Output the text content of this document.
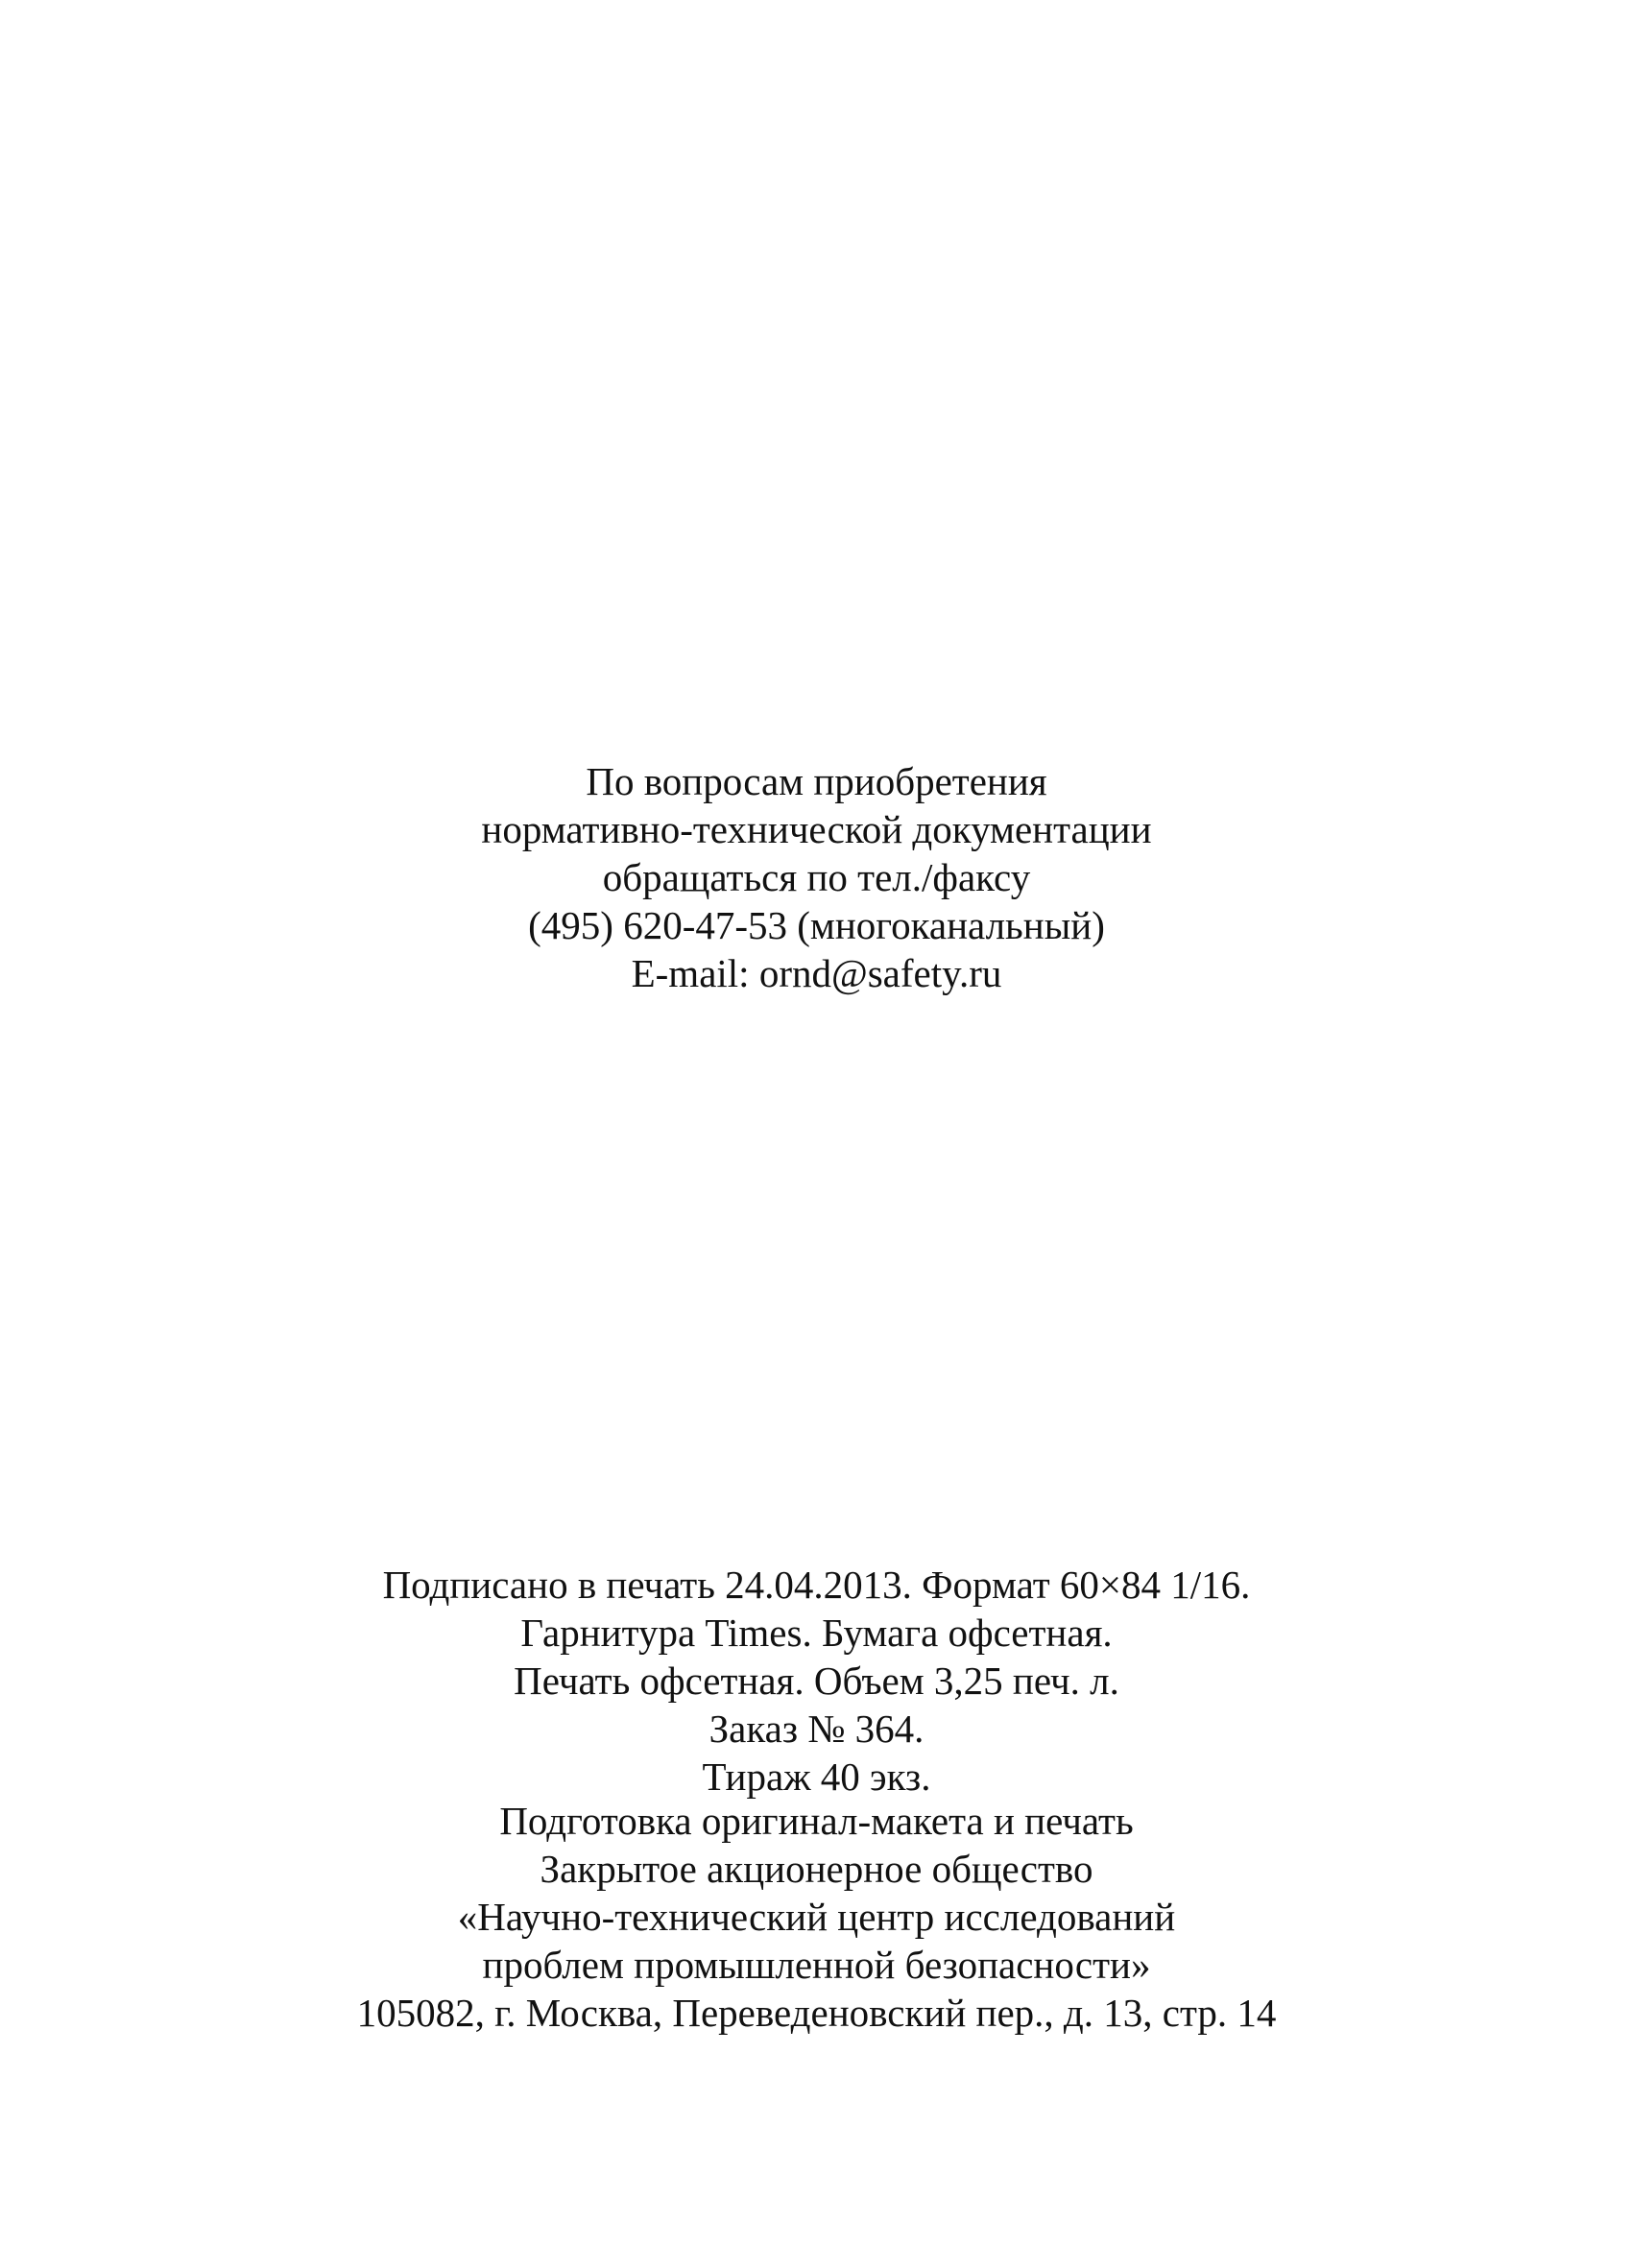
По вопросам приобретения
нормативно-технической документации
обращаться по тел./факсу
(495) 620-47-53 (многоканальный)
E-mail: ornd@safety.ru
Подписано в печать 24.04.2013. Формат 60×84 1/16.
Гарнитура Times. Бумага офсетная.
Печать офсетная. Объем 3,25 печ. л.
Заказ № 364.
Тираж 40 экз.
Подготовка оригинал-макета и печать
Закрытое акционерное общество
«Научно-технический центр исследований
проблем промышленной безопасности»
105082, г. Москва, Переведеновский пер., д. 13, стр. 14
